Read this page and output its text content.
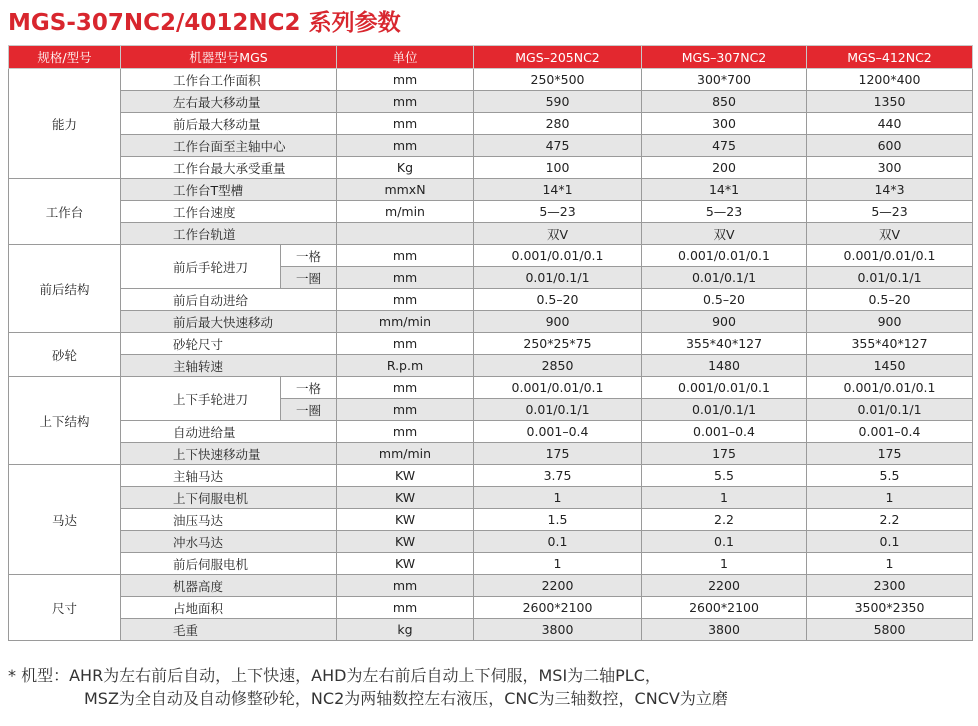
MGS-307NC2/4012NC2 系列参数
规格/型号	机器型号MGS		单位	MGS–205NC2	MGS–307NC2	MGS–412NC2
能力	工作台工作面积		mm	250*500	300*700	1200*400
	左右最大移动量		mm	590	850	1350
	前后最大移动量		mm	280	300	440
	工作台面至主轴中心		mm	475	475	600
	工作台最大承受重量		Kg	100	200	300
工作台	工作台T型槽		mmxN	14*1	14*1	14*3
	工作台速度		m/min	5—23	5—23	5—23
	工作台轨道			双V	双V	双V
前后结构	前后手轮进刀	一格	mm	0.001/0.01/0.1	0.001/0.01/0.1	0.001/0.01/0.1
		一圈	mm	0.01/0.1/1	0.01/0.1/1	0.01/0.1/1
	前后自动进给		mm	0.5–20	0.5–20	0.5–20
	前后最大快速移动		mm/min	900	900	900
砂轮	砂轮尺寸		mm	250*25*75	355*40*127	355*40*127
	主轴转速		R.p.m	2850	1480	1450
上下结构	上下手轮进刀	一格	mm	0.001/0.01/0.1	0.001/0.01/0.1	0.001/0.01/0.1
		一圈	mm	0.01/0.1/1	0.01/0.1/1	0.01/0.1/1
	自动进给量		mm	0.001–0.4	0.001–0.4	0.001–0.4
	上下快速移动量		mm/min	175	175	175
马达	主轴马达		KW	3.75	5.5	5.5
	上下伺服电机		KW	1	1	1
	油压马达		KW	1.5	2.2	2.2
	冲水马达		KW	0.1	0.1	0.1
	前后伺服电机		KW	1	1	1
尺寸	机器高度		mm	2200	2200	2300
	占地面积		mm	2600*2100	2600*2100	3500*2350
	毛重		kg	3800	3800	5800
* 机型：AHR为左右前后自动，上下快速，AHD为左右前后自动上下伺服，MSI为二轴PLC，
MSZ为全自动及自动修整砂轮，NC2为两轴数控左右液压，CNC为三轴数控，CNCV为立磨
